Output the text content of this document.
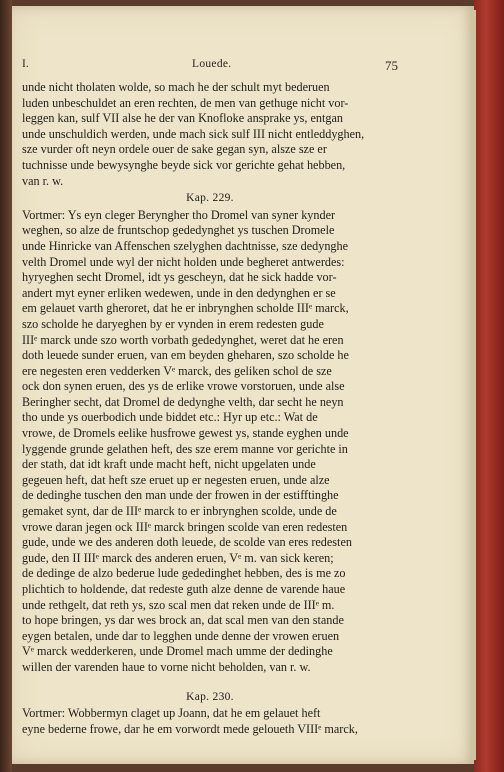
I.	Louede.	75
unde nicht tholaten wolde, so mach he der schult myt bederuen
luden unbeschuldet an eren rechten, de men van gethuge nicht vor-
leggen kan, sulf VII alse he der van Knofloke ansprake ys, entgan
unde unschuldich werden, unde mach sick sulf III nicht entleddyghen,
sze vurder oft neyn ordele ouer de sake gegan syn, alsze sze er
tuchnisse unde bewysynghe beyde sick vor gerichte gehat hebben,
van r. w.
Kap. 229.
Vortmer: Ys eyn cleger Beryngher tho Dromel van syner kynder
weghen, so alze de fruntschop gededynghet ys tuschen Dromele
unde Hinricke van Affenschen szelyghen dachtnisse, sze dedynghe
velth Dromel unde wyl der nicht holden unde begheret antwerdes:
hyryeghen secht Dromel, idt ys gescheyn, dat he sick hadde vor-
andert myt eyner erliken wedewen, unde in den dedynghen er se
em gelauet varth gheroret, dat he er inbrynghen scholde IIIᵉ marck,
szo scholde he daryeghen by er vynden in erem redesten gude
IIIᵉ marck unde szo worth vorbath gededynghet, weret dat he eren
doth leuede sunder eruen, van em beyden gheharen, szo scholde he
ere negesten eren vedderken Vᵉ marck, des geliken schol de sze
ock don synen eruen, des ys de erlike vrowe vorstoruen, unde alse
Beringher secht, dat Dromel de dedynghe velth, dar secht he neyn
tho unde ys ouerbodich unde biddet etc.: Hyr up etc.: Wat de
vrowe, de Dromels eelike husfrowe gewest ys, stande eyghen unde
lyggende grunde gelathen heft, des sze erem manne vor gerichte in
der stath, dat idt kraft unde macht heft, nicht upgelaten unde
gegeuen heft, dat heft sze eruet up er negesten eruen, unde alze
de dedinghe tuschen den man unde der frowen in der estifftinghe
gemaket synt, dar de IIIᵉ marck to er inbrynghen scolde, unde de
vrowe daran jegen ock IIIᵉ marck bringen scolde van eren redesten
gude, unde we des anderen doth leuede, de scolde van eres redesten
gude, den II IIIᵉ marck des anderen eruen, Vᵉ m. van sick keren;
de dedinge de alzo bederue lude gededinghet hebben, des is me zo
plichtich to holdende, dat redeste guth alze denne de varende haue
unde rethgelt, dat reth ys, szo scal men dat reken unde de IIIᵉ m.
to hope bringen, ys dar wes brock an, dat scal men van den stande
eygen betalen, unde dar to legghen unde denne der vrowen eruen
Vᵉ marck wedderkeren, unde Dromel mach umme der dedinghe
willen der varenden haue to vorne nicht beholden, van r. w.
Kap. 230.
Vortmer: Wobbermyn claget up Joann, dat he em gelauet heft
eyne bederne frowe, dar he em vorwordt mede geloueth VIIIᵉ marck,
